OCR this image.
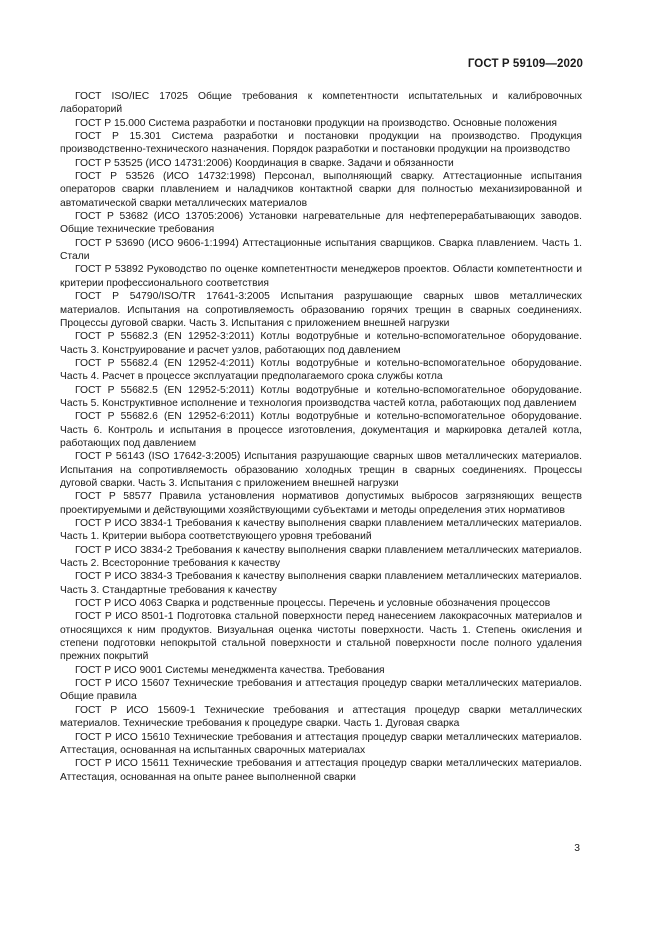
ГОСТ Р 59109—2020

ГОСТ ISO/IEC 17025 Общие требования к компетентности испытательных и калибровочных лабораторий

ГОСТ Р 15.000 Система разработки и постановки продукции на производство. Основные положения

ГОСТ Р 15.301 Система разработки и постановки продукции на производство. Продукция производственно-технического назначения. Порядок разработки и постановки продукции на производство

ГОСТ Р 53525 (ИСО 14731:2006) Координация в сварке. Задачи и обязанности

ГОСТ Р 53526 (ИСО 14732:1998) Персонал, выполняющий сварку. Аттестационные испытания операторов сварки плавлением и наладчиков контактной сварки для полностью механизированной и автоматической сварки металлических материалов

ГОСТ Р 53682 (ИСО 13705:2006) Установки нагревательные для нефтеперерабатывающих заводов. Общие технические требования

ГОСТ Р 53690 (ИСО 9606-1:1994) Аттестационные испытания сварщиков. Сварка плавлением. Часть 1. Стали

ГОСТ Р 53892 Руководство по оценке компетентности менеджеров проектов. Области компетентности и критерии профессионального соответствия

ГОСТ Р 54790/ISO/TR 17641-3:2005 Испытания разрушающие сварных швов металлических материалов. Испытания на сопротивляемость образованию горячих трещин в сварных соединениях. Процессы дуговой сварки. Часть 3. Испытания с приложением внешней нагрузки

ГОСТ Р 55682.3 (EN 12952-3:2011) Котлы водотрубные и котельно-вспомогательное оборудование. Часть 3. Конструирование и расчет узлов, работающих под давлением

ГОСТ Р 55682.4 (EN 12952-4:2011) Котлы водотрубные и котельно-вспомогательное оборудование. Часть 4. Расчет в процессе эксплуатации предполагаемого срока службы котла

ГОСТ Р 55682.5 (EN 12952-5:2011) Котлы водотрубные и котельно-вспомогательное оборудование. Часть 5. Конструктивное исполнение и технология производства частей котла, работающих под давлением

ГОСТ Р 55682.6 (EN 12952-6:2011) Котлы водотрубные и котельно-вспомогательное оборудование. Часть 6. Контроль и испытания в процессе изготовления, документация и маркировка деталей котла, работающих под давлением

ГОСТ Р 56143 (ISO 17642-3:2005) Испытания разрушающие сварных швов металлических материалов. Испытания на сопротивляемость образованию холодных трещин в сварных соединениях. Процессы дуговой сварки. Часть 3. Испытания с приложением внешней нагрузки

ГОСТ Р 58577 Правила установления нормативов допустимых выбросов загрязняющих веществ проектируемыми и действующими хозяйствующими субъектами и методы определения этих нормативов

ГОСТ Р ИСО 3834-1 Требования к качеству выполнения сварки плавлением металлических материалов. Часть 1. Критерии выбора соответствующего уровня требований

ГОСТ Р ИСО 3834-2 Требования к качеству выполнения сварки плавлением металлических материалов. Часть 2. Всесторонние требования к качеству

ГОСТ Р ИСО 3834-3 Требования к качеству выполнения сварки плавлением металлических материалов. Часть 3. Стандартные требования к качеству

ГОСТ Р ИСО 4063 Сварка и родственные процессы. Перечень и условные обозначения процессов

ГОСТ Р ИСО 8501-1 Подготовка стальной поверхности перед нанесением лакокрасочных материалов и относящихся к ним продуктов. Визуальная оценка чистоты поверхности. Часть 1. Степень окисления и степени подготовки непокрытой стальной поверхности и стальной поверхности после полного удаления прежних покрытий

ГОСТ Р ИСО 9001 Системы менеджмента качества. Требования

ГОСТ Р ИСО 15607 Технические требования и аттестация процедур сварки металлических материалов. Общие правила

ГОСТ Р ИСО 15609-1 Технические требования и аттестация процедур сварки металлических материалов. Технические требования к процедуре сварки. Часть 1. Дуговая сварка

ГОСТ Р ИСО 15610 Технические требования и аттестация процедур сварки металлических материалов. Аттестация, основанная на испытанных сварочных материалах

ГОСТ Р ИСО 15611 Технические требования и аттестация процедур сварки металлических материалов. Аттестация, основанная на опыте ранее выполненной сварки

3
